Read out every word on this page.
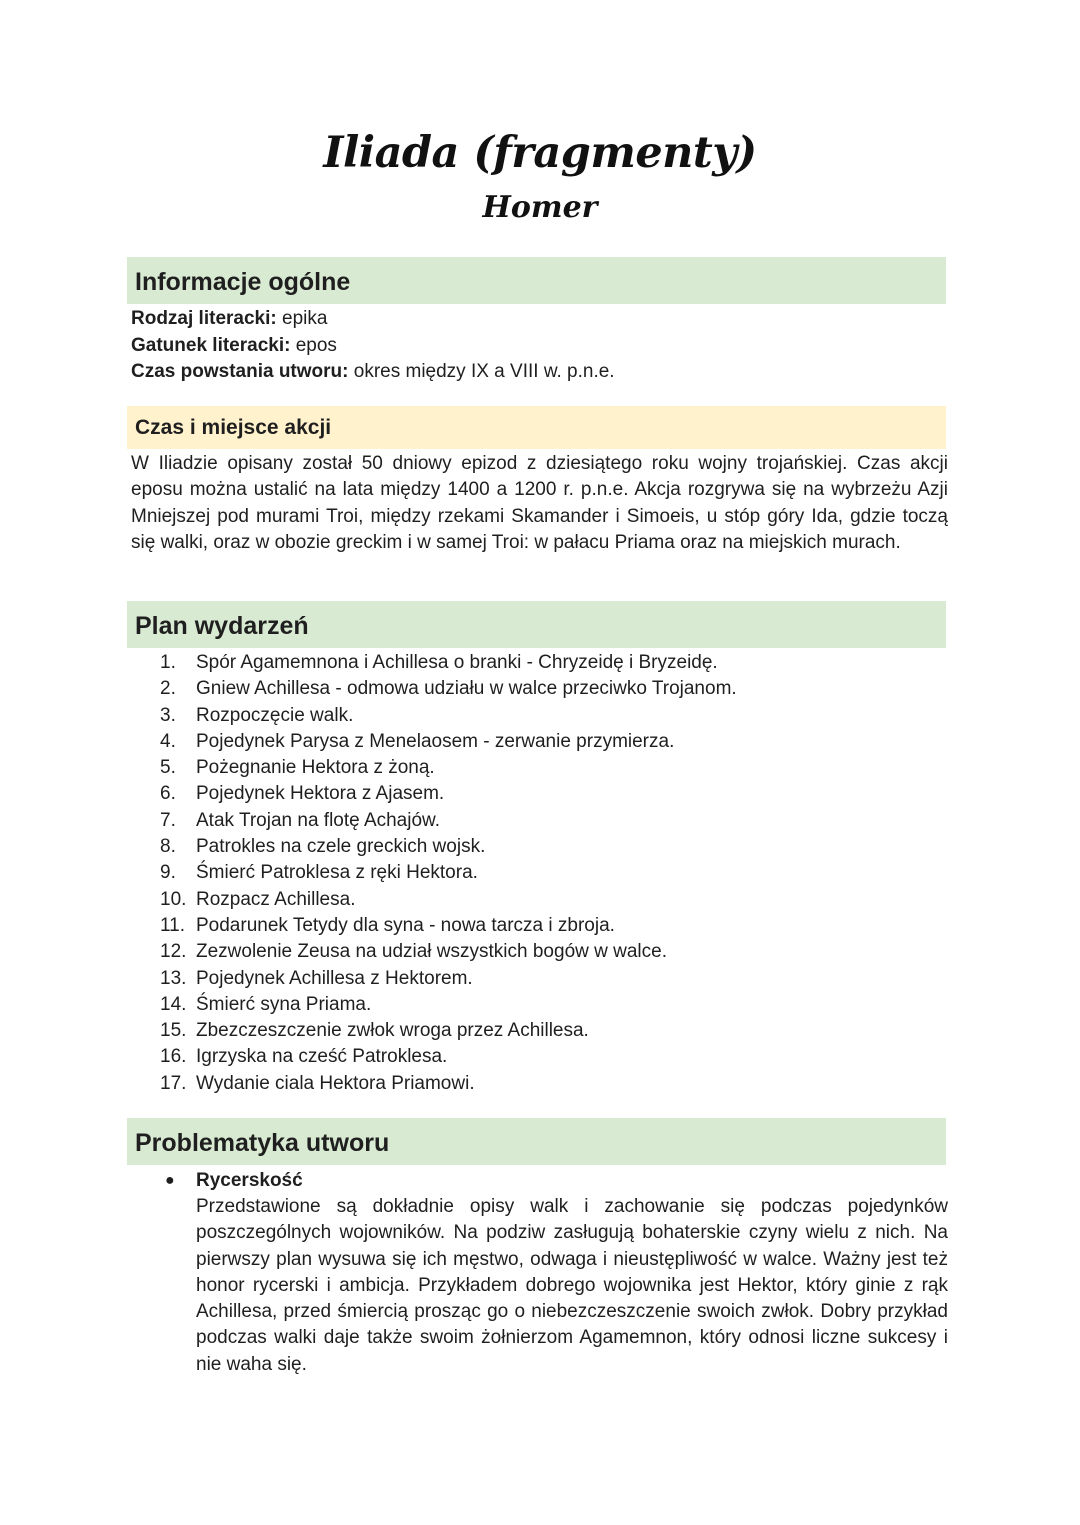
Iliada (fragmenty)
Homer
Informacje ogólne
Rodzaj literacki: epika
Gatunek literacki: epos
Czas powstania utworu: okres między IX a VIII w. p.n.e.
Czas i miejsce akcji

W Iliadzie opisany został 50 dniowy epizod z dziesiątego roku wojny trojańskiej. Czas akcji eposu można ustalić na lata między 1400 a 1200 r. p.n.e. Akcja rozgrywa się na wybrzeżu Azji Mniejszej pod murami Troi, między rzekami Skamander i Simoeis, u stóp góry Ida, gdzie toczą się walki, oraz w obozie greckim i w samej Troi: w pałacu Priama oraz na miejskich murach.

Plan wydarzeń
1.	Spór Agamemnona i Achillesa o branki - Chryzeidę i Bryzeidę.
2.	Gniew Achillesa - odmowa udziału w walce przeciwko Trojanom.
3.	Rozpoczęcie walk.
4.	Pojedynek Parysa z Menelaosem - zerwanie przymierza.
5.	Pożegnanie Hektora z żoną.
6.	Pojedynek Hektora z Ajasem.
7.	Atak Trojan na flotę Achajów.
8.	Patrokles na czele greckich wojsk.
9.	Śmierć Patroklesa z ręki Hektora.
10. Rozpacz Achillesa.
11. Podarunek Tetydy dla syna - nowa tarcza i zbroja.
12. Zezwolenie Zeusa na udział wszystkich bogów w walce.
13. Pojedynek Achillesa z Hektorem.
14. Śmierć syna Priama.
15. Zbezczeszczenie zwłok wroga przez Achillesa.
16. Igrzyska na cześć Patroklesa.
17. Wydanie ciala Hektora Priamowi.
Problematyka utworu
● Rycerskość

Przedstawione są dokładnie opisy walk i zachowanie się podczas pojedynków poszczególnych wojowników. Na podziw zasługują bohaterskie czyny wielu z nich. Na pierwszy plan wysuwa się ich męstwo, odwaga i nieustępliwość w walce. Ważny jest też honor rycerski i ambicja. Przykładem dobrego wojownika jest Hektor, który ginie z rąk Achillesa, przed śmiercią prosząc go o niebezczeszczenie swoich zwłok. Dobry przykład podczas walki daje także swoim żołnierzom Agamemnon, który odnosi liczne sukcesy i nie waha się.
